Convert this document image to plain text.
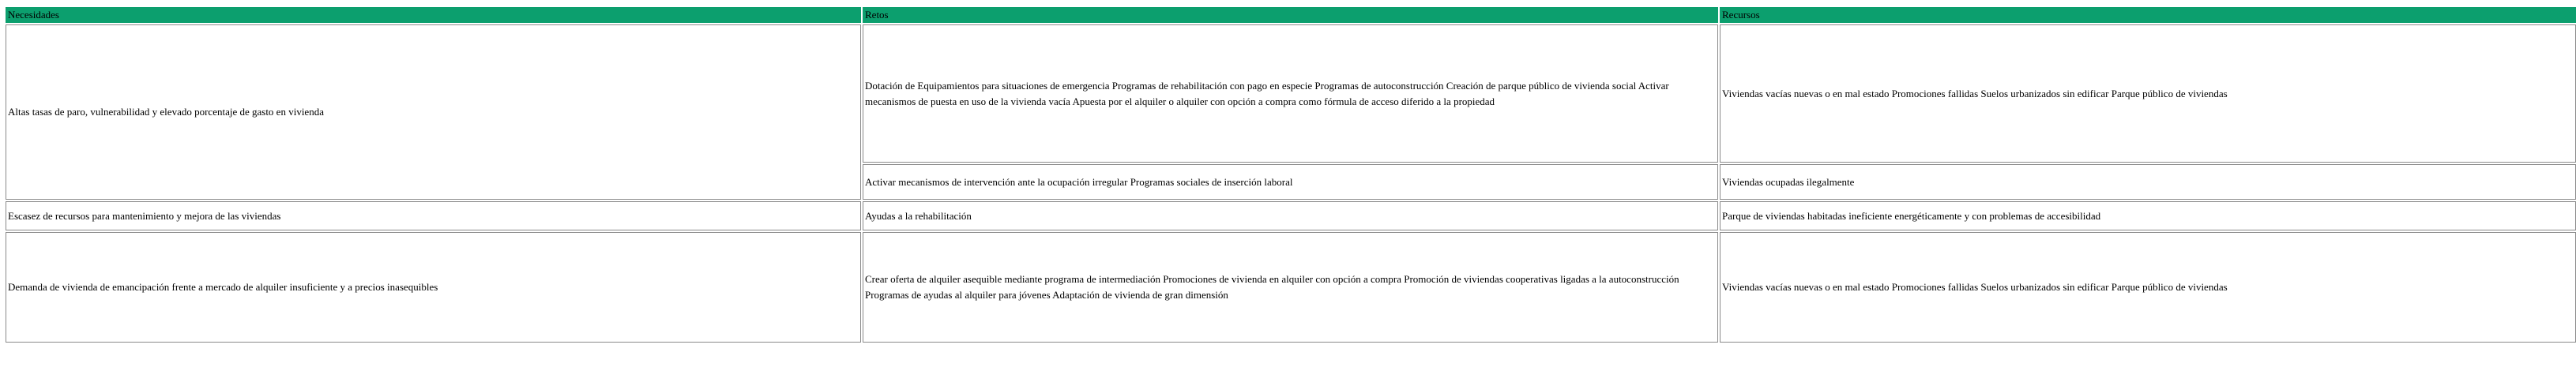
Necesidades	Retos	Recursos
Altas tasas de paro, vulnerabilidad y elevado porcentaje de gasto en vivienda	Dotación de Equipamientos para situaciones de emergencia Programas de rehabilitación con pago en especie Programas de autoconstrucción Creación de parque público de vivienda social Activar mecanismos de puesta en uso de la vivienda vacía Apuesta por el alquiler o alquiler con opción a compra como fórmula de acceso diferido a la propiedad	Viviendas vacías nuevas o en mal estado Promociones fallidas Suelos urbanizados sin edificar Parque público de viviendas
	Activar mecanismos de intervención ante la ocupación irregular Programas sociales de inserción laboral	Viviendas ocupadas ilegalmente
Escasez de recursos para mantenimiento y mejora de las viviendas	Ayudas a la rehabilitación	Parque de viviendas habitadas ineficiente energéticamente y con problemas de accesibilidad
Demanda de vivienda de emancipación frente a mercado de alquiler insuficiente y a precios inasequibles	Crear oferta de alquiler asequible mediante programa de intermediación Promociones de vivienda en alquiler con opción a compra Promoción de viviendas cooperativas ligadas a la autoconstrucción Programas de ayudas al alquiler para jóvenes Adaptación de vivienda de gran dimensión	Viviendas vacías nuevas o en mal estado Promociones fallidas Suelos urbanizados sin edificar Parque público de viviendas
